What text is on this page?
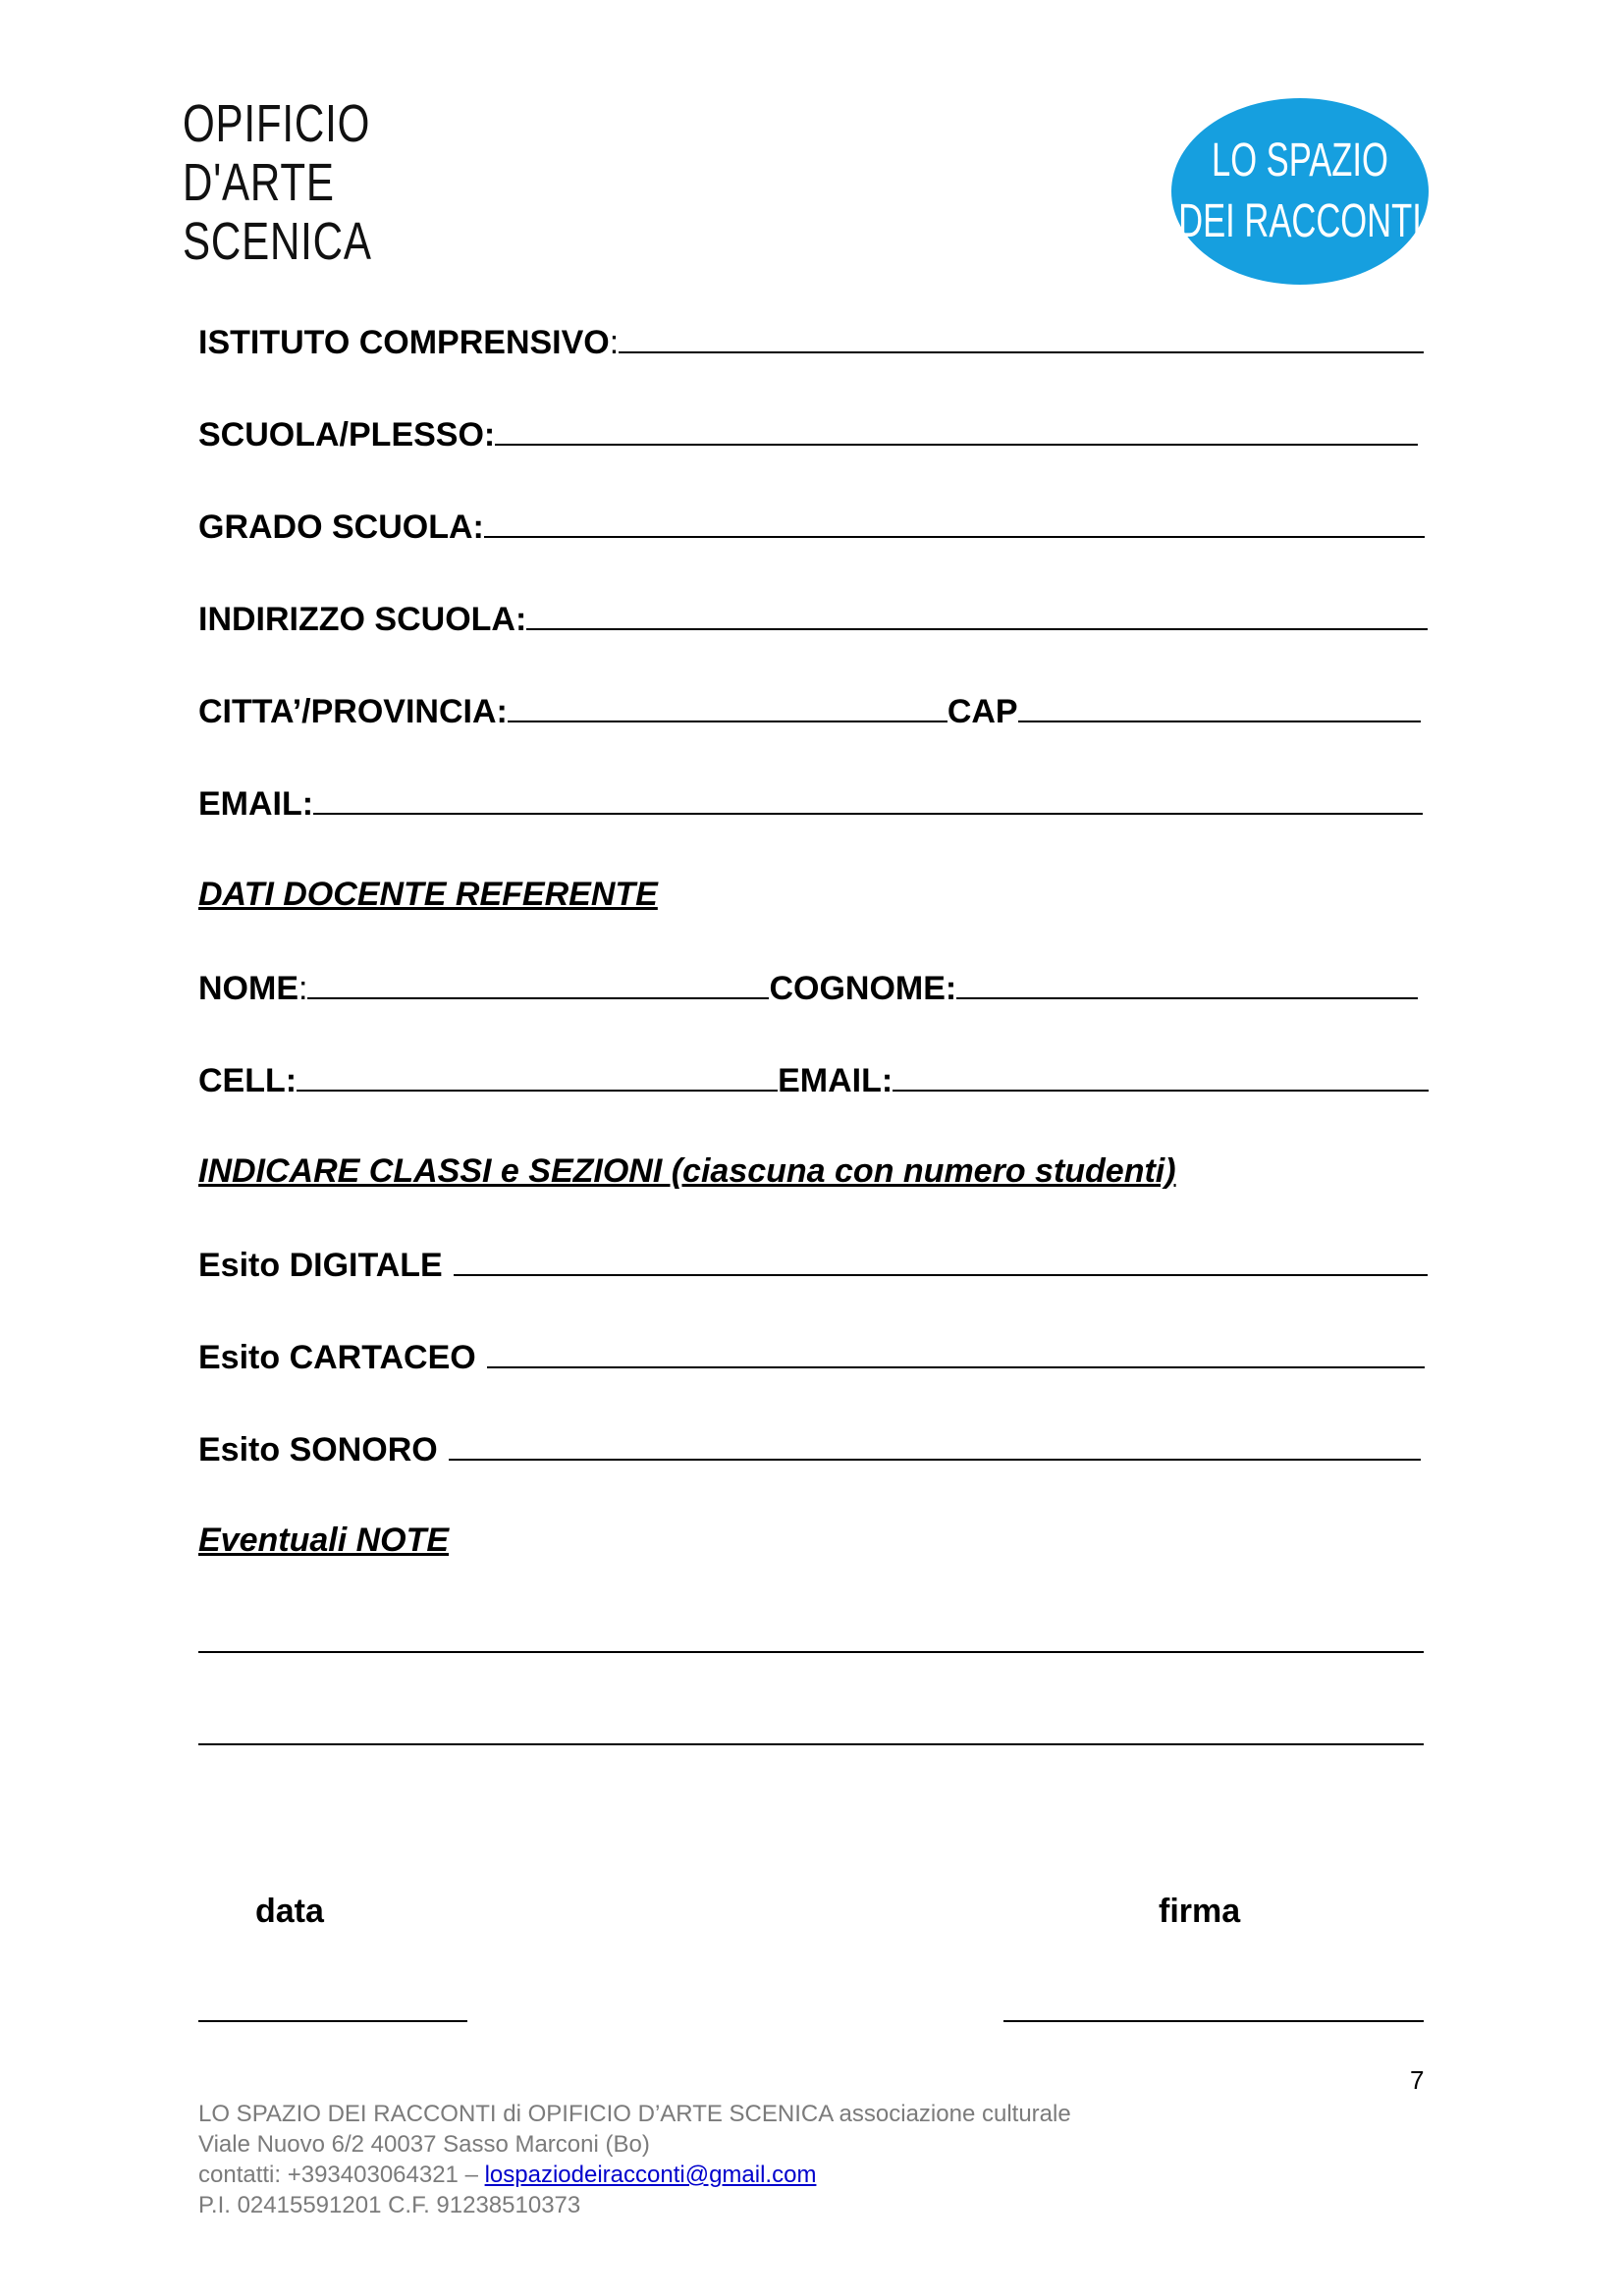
OPIFICIO
D'ARTE
SCENICA
LO SPAZIO
DEI RACCONTI
ISTITUTO COMPRENSIVO :
SCUOLA/PLESSO:
GRADO SCUOLA:
INDIRIZZO SCUOLA:
CITTA’/PROVINCIA:	CAP
EMAIL:
DATI DOCENTE REFERENTE
NOME :	COGNOME:
CELL:	EMAIL:
INDICARE CLASSI e SEZIONI (ciascuna con numero studenti)
Esito DIGITALE
Esito CARTACEO
Esito SONORO
Eventuali NOTE
data	firma
7
LO SPAZIO DEI RACCONTI di OPIFICIO D’ARTE SCENICA associazione culturale
Viale Nuovo 6/2 40037 Sasso Marconi (Bo)
contatti: +393403064321 – lospaziodeiracconti@gmail.com
P.I. 02415591201 C.F. 91238510373
